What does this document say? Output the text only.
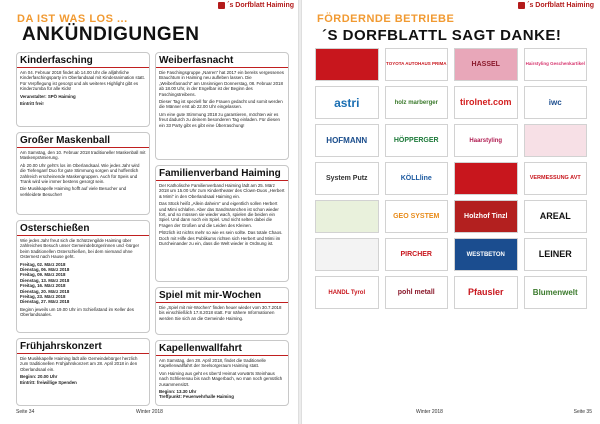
´s Dorfblatt Haiming
DA IST WAS LOS ...
ANKÜNDIGUNGEN
Kinderfasching

Am 04. Februar 2018 findet ab 14.00 Uhr die alljährliche Kinderfaschingsparty im Oberlandsaal mit Kinderanimation statt. Für Verpflegung ist gesorgt und als weiteres Highlight gibt es Kinderzumba für alle Kids!

Veranstalter: SPÖ Haiming

Eintritt frei!

Großer Maskenball

Am Samstag, den 10. Februar 2018 traditioneller Maskenball mit Maskenprämierung.

Ab 20.00 Uhr geht's los im Oberlandsaal. Wie jedes Jahr wird die Tiefenganf Duo für gute Stimmung sorgen und hoffentlich zahlreich erscheinende Maskengruppen. Auch für Speis und Trank wird wie immer bestens gesorgt sein.

Die Musikkapelle Haiming hofft auf viele Besucher und verkleidete Besucher!

Osterschießen

Wie jedes Jahr freut sich die Schützengilde Haiming über zahlreiches Besuch unser Gemeindebürgerinnen und -bürger beim traditionellen Osterschießen, bei dem niemand ohne Osternest nach Hause geht.

Freitag, 02. März 2018

Dienstag, 06. März 2018

Freitag, 09. März 2018

Dienstag, 13. März 2018

Freitag, 16. März 2018

Dienstag, 20. März 2018

Freitag, 23. März 2018

Dienstag, 27. März 2018

Beginn jeweils um 19.00 Uhr im Schießstand im Keller des Oberlandsaales.

Frühjahrskonzert

Die Musikkapelle Haiming lädt alle Gemeindebürger herzlich zum traditionellen Frühjahrskonzert am 28. April 2018 in den Oberlandsaal ein.

Beginn: 20.00 Uhr

Eintritt: freiwillige Spenden

Weiberfasnacht

Die Faschingsgruppe „Narren“ hat 2017 ein bereits vergessenes Brauchtum in Haiming neu aufleben lassen. Die „Weiberfasnacht“ am Unsinnigen Donnerstag, 08. Februar 2018 ab 18.00 Uhr, in der Engelbar ist der Beginn des Faschingstreibens.

Dieser Tag ist speziell für die Frauen gedacht und somit werden die Männer erst ab 22.00 Uhr eingelassen.

Um eine gute Stimmung 2018 zu garantieren, möchten wir es freut dadurch zu deinem besonderen Tag einladen. Für diesen ein 33 Party gibt es gibt eine Überraschung!

Familienverband Haiming

Der Katholische Familienverband Haiming lädt am 25. März 2018 um 15.00 Uhr zum Kindertheater des Clown-Duos „Herbert & Mimi“ in den Oberlandsaal Haiming ein.

Das Stück heißt „Allein daheim“ und eigentlich sollen Herbert und Mimi schlafen. Aber das Sandmännchen ist schon wieder fort, und so müssen sie wieder wach, spielen die beiden ein Spiel. Und dann noch ein Spiel. Und nicht selten dabei die Fragen der Großen und die Leiden des Kleinen.

Plötzlich ist nichts mehr so wie es sein sollte. Das totale Chaos. Doch mit Hilfe des Publikums richten sich Herbert und Mimi im Durcheinander zu ein, dass die Welt wieder in Ordnung ist.

Spiel mit mir-Wochen

Die „Spiel mit mir-Wochen“ finden heuer wieder vom 30.7.2018 bis einschließlich 17.8.2018 statt. Für nähere Informationen werden Sie sich an die Gemeinde Haiming.

Kapellenwallfahrt

Am Samstag, den 28. April 2018, findet die traditionelle Kapellenwallfahrt der Seelsorgeraum Haiming statt.

Von Haiming aus geht es über'd Heimat vorwärts Steinhaus nach Schlierenau bis nach Magerbach, wo man noch gemütlich zusammensitzt.

Beginn: 13.30 Uhr

Treffpunkt: Feuerwehrhalle Haiming

Seite 34	Winter 2018
´s Dorfblatt Haiming
FÖRDERNDE BETRIEBE
´S DORFBLATTL SAGT DANKE!
TOYOTA AUTOHAUS PRIMA	HASSEL	Hairstyling Geschenkartikel
astri	holz marberger tirolnet.com	iwc
HOFMANN	HÖPPERGER	Haarstyling
System Putz	KÖLLline	VERMESSUNG AVT
GEO SYSTEM	Holzhof Tinzl	AREAL
PIRCHER	WESTBETON	LEINER
HANDL Tyrol	pohl metall	Pfausler	Blumenwelt
Winter 2018	Seite 35
